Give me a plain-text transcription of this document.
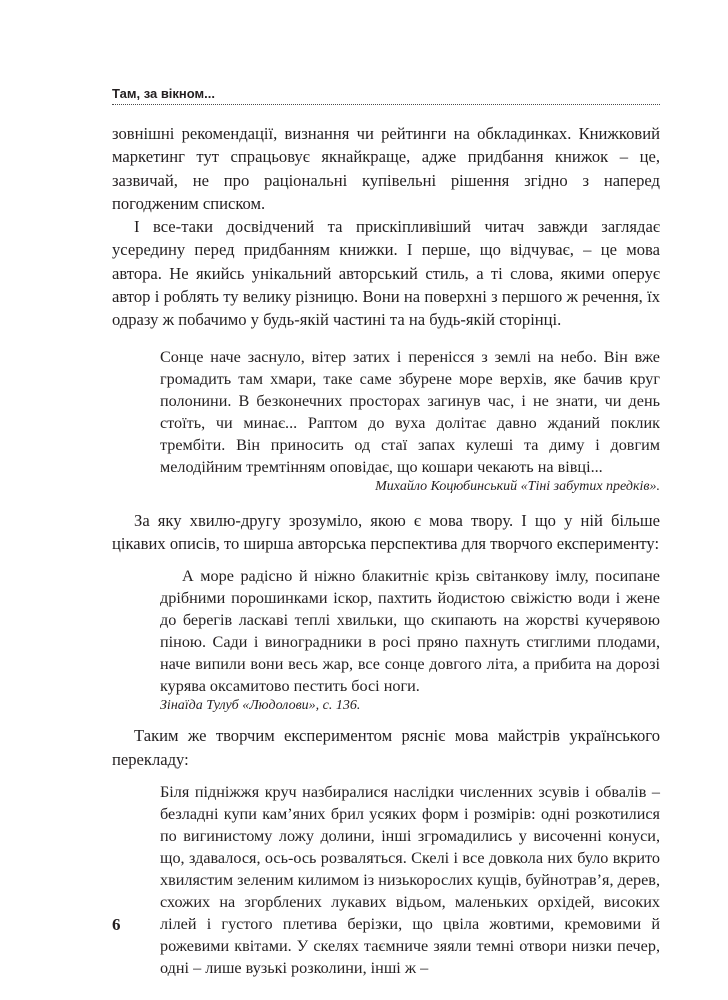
Там, за вікном...

зовнішні рекомендації, визнання чи рейтинги на обкладинках. Книжковий маркетинг тут спрацьовує якнайкраще, адже придбання книжок – це, зазвичай, не про раціональні купівельні рішення згідно з наперед погодженим списком.

І все-таки досвідчений та прискіпливіший читач завжди заглядає усередину перед придбанням книжки. І перше, що відчуває, – це мова автора. Не якийсь унікальний авторський стиль, а ті слова, якими оперує автор і роблять ту велику різницю. Вони на поверхні з першого ж речення, їх одразу ж побачимо у будь-якій частині та на будь-якій сторінці.

Сонце наче заснуло, вітер затих і перенісся з землі на небо. Він вже громадить там хмари, таке саме збурене море верхів, яке бачив круг полонини. В безконечних просторах загинув час, і не знати, чи день стоїть, чи минає... Раптом до вуха долітає давно жданий поклик трембіти. Він приносить од стаї запах кулеші та диму і довгим мелодійним тремтінням оповідає, що кошари чекають на вівці...

Михайло Коцюбинський «Тіні забутих предків».

За яку хвилю-другу зрозуміло, якою є мова твору. І що у ній більше цікавих описів, то ширша авторська перспектива для творчого експерименту:

А море радісно й ніжно блакитніє крізь світанкову імлу, посипане дрібними порошинками іскор, пахтить йодистою свіжістю води і жене до берегів ласкаві теплі хвильки, що скипають на жорстві кучерявою піною. Сади і виноградники в росі пряно пахнуть стиглими плодами, наче випили вони весь жар, все сонце довгого літа, а прибита на дорозі курява оксамитово пестить босі ноги.

Зінаїда Тулуб «Людолови», с. 136.

Таким же творчим експериментом рясніє мова майстрів українського перекладу:

Біля підніжжя круч назбиралися наслідки численних зсувів і обвалів – безладні купи кам’яних брил усяких форм і розмірів: одні розкотилися по вигинистому ложу долини, інші згромадились у височенні конуси, що, здавалося, ось-ось розваляться. Скелі і все довкола них було вкрито хвилястим зеленим килимом із низькорослих кущів, буйнотрав’я, дерев, схожих на згорблених лукавих відьом, маленьких орхідей, високих лілей і густого плетива берізки, що цвіла жовтими, кремовими й рожевими квітами. У скелях таємниче зяяли темні отвори низки печер, одні – лише вузькі розколини, інші ж –

6
